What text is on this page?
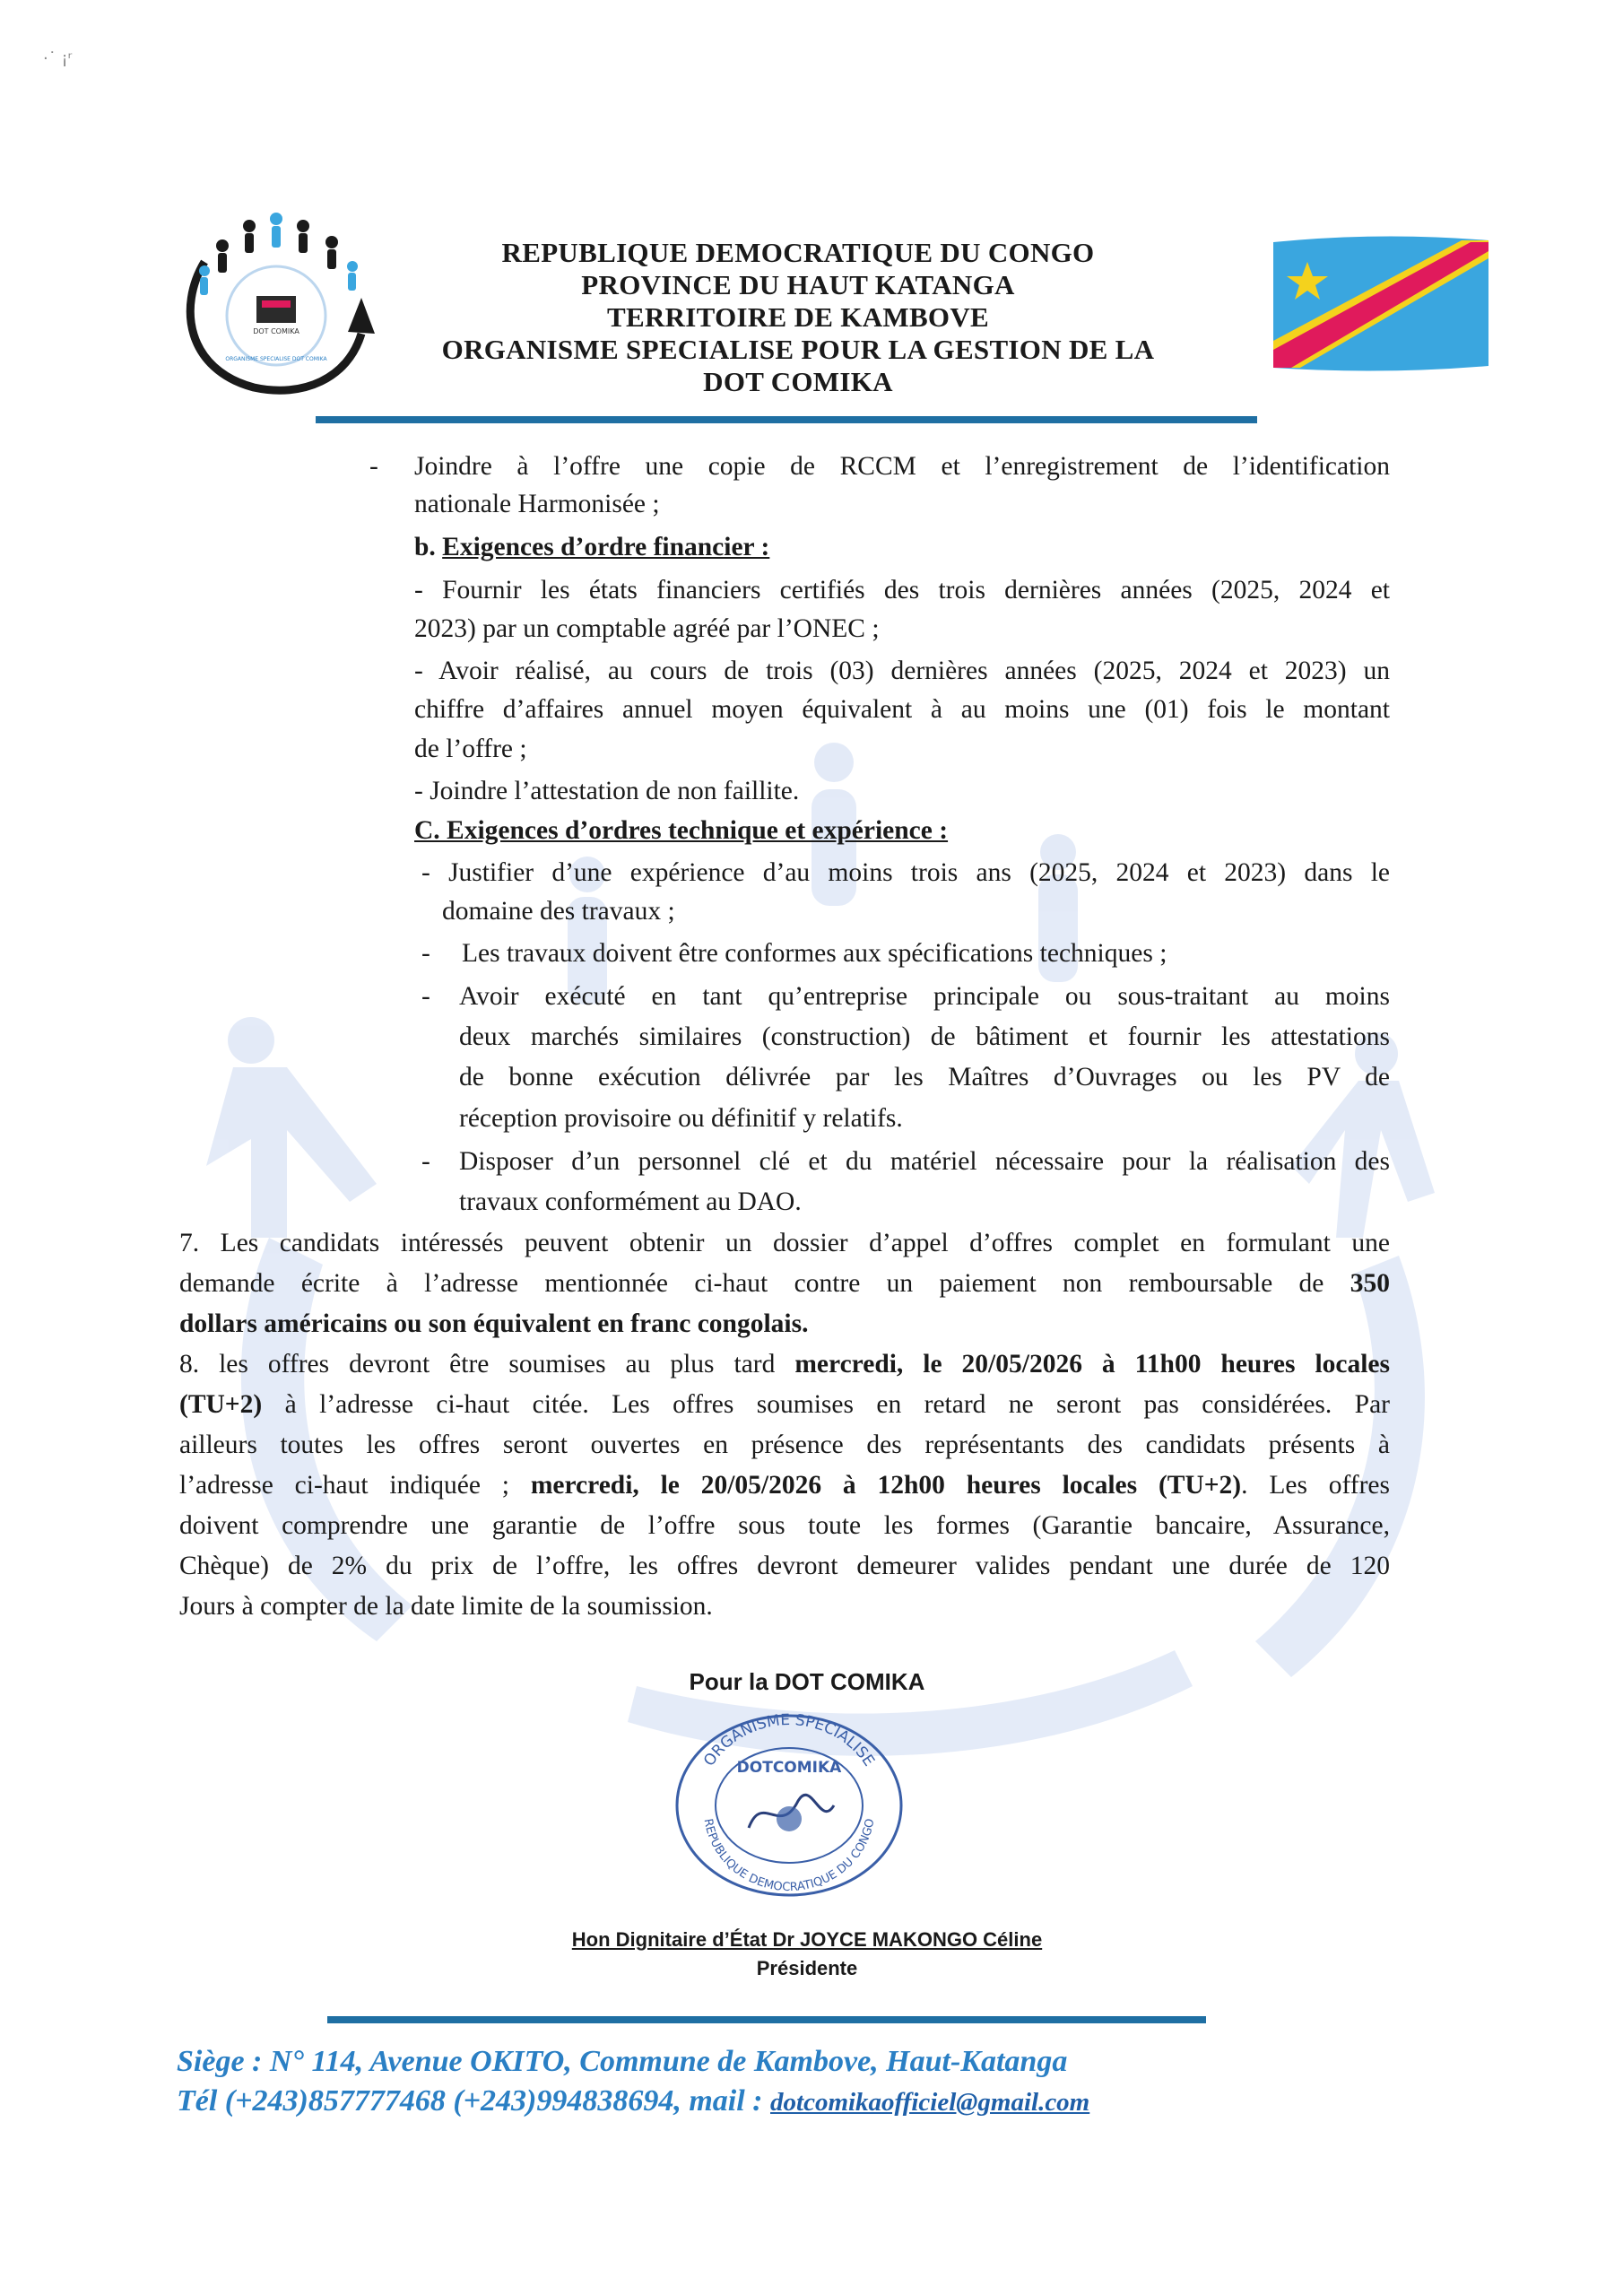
·˙ ¡ʳ
DOT COMIKA
ORGANISME SPECIALISE DOT COMIKA
REPUBLIQUE DEMOCRATIQUE DU CONGO
PROVINCE DU HAUT KATANGA
TERRITOIRE DE KAMBOVE
ORGANISME SPECIALISE POUR LA GESTION DE LA
DOT COMIKA
- Joindre à l’offre une copie de RCCM et l’enregistrement de l’identification
nationale Harmonisée ;
b. Exigences d’ordre financier :
- Fournir les états financiers certifiés des trois dernières années (2025, 2024 et
2023) par un comptable agréé par l’ONEC ;
- Avoir réalisé, au cours de trois (03) dernières années (2025, 2024 et 2023) un
chiffre d’affaires annuel moyen équivalent à au moins une (01) fois le montant
de l’offre ;
- Joindre l’attestation de non faillite.
C. Exigences d’ordres technique et expérience :
- Justifier d’une expérience d’au moins trois ans (2025, 2024 et 2023) dans le
domaine des travaux ;
- Les travaux doivent être conformes aux spécifications techniques ;
- Avoir exécuté en tant qu’entreprise principale ou sous-traitant au moins
deux marchés similaires (construction) de bâtiment et fournir les attestations
de bonne exécution délivrée par les Maîtres d’Ouvrages ou les PV de
réception provisoire ou définitif y relatifs.
- Disposer d’un personnel clé et du matériel nécessaire pour la réalisation des
travaux conformément au DAO.
7. Les candidats intéressés peuvent obtenir un dossier d’appel d’offres complet en formulant une
demande écrite à l’adresse mentionnée ci-haut contre un paiement non remboursable de 350
dollars américains ou son équivalent en franc congolais.
8. les offres devront être soumises au plus tard mercredi, le 20/05/2026 à 11h00 heures locales
(TU+2) à l’adresse ci-haut citée. Les offres soumises en retard ne seront pas considérées. Par
ailleurs toutes les offres seront ouvertes en présence des représentants des candidats présents à
l’adresse ci-haut indiquée ; mercredi, le 20/05/2026 à 12h00 heures locales (TU+2). Les offres
doivent comprendre une garantie de l’offre sous toute les formes (Garantie bancaire, Assurance,
Chèque) de 2% du prix de l’offre, les offres devront demeurer valides pendant une durée de 120
Jours à compter de la date limite de la soumission.
Pour la DOT COMIKA
ORGANISME SPECIALISE
DOTCOMIKA
REPUBLIQUE DEMOCRATIQUE DU CONGO
Hon Dignitaire d’État Dr JOYCE MAKONGO Céline
Présidente
Siège : N° 114, Avenue OKITO, Commune de Kambove, Haut-Katanga
Tél (+243)857777468 (+243)994838694, mail : dotcomikaofficiel@gmail.com
